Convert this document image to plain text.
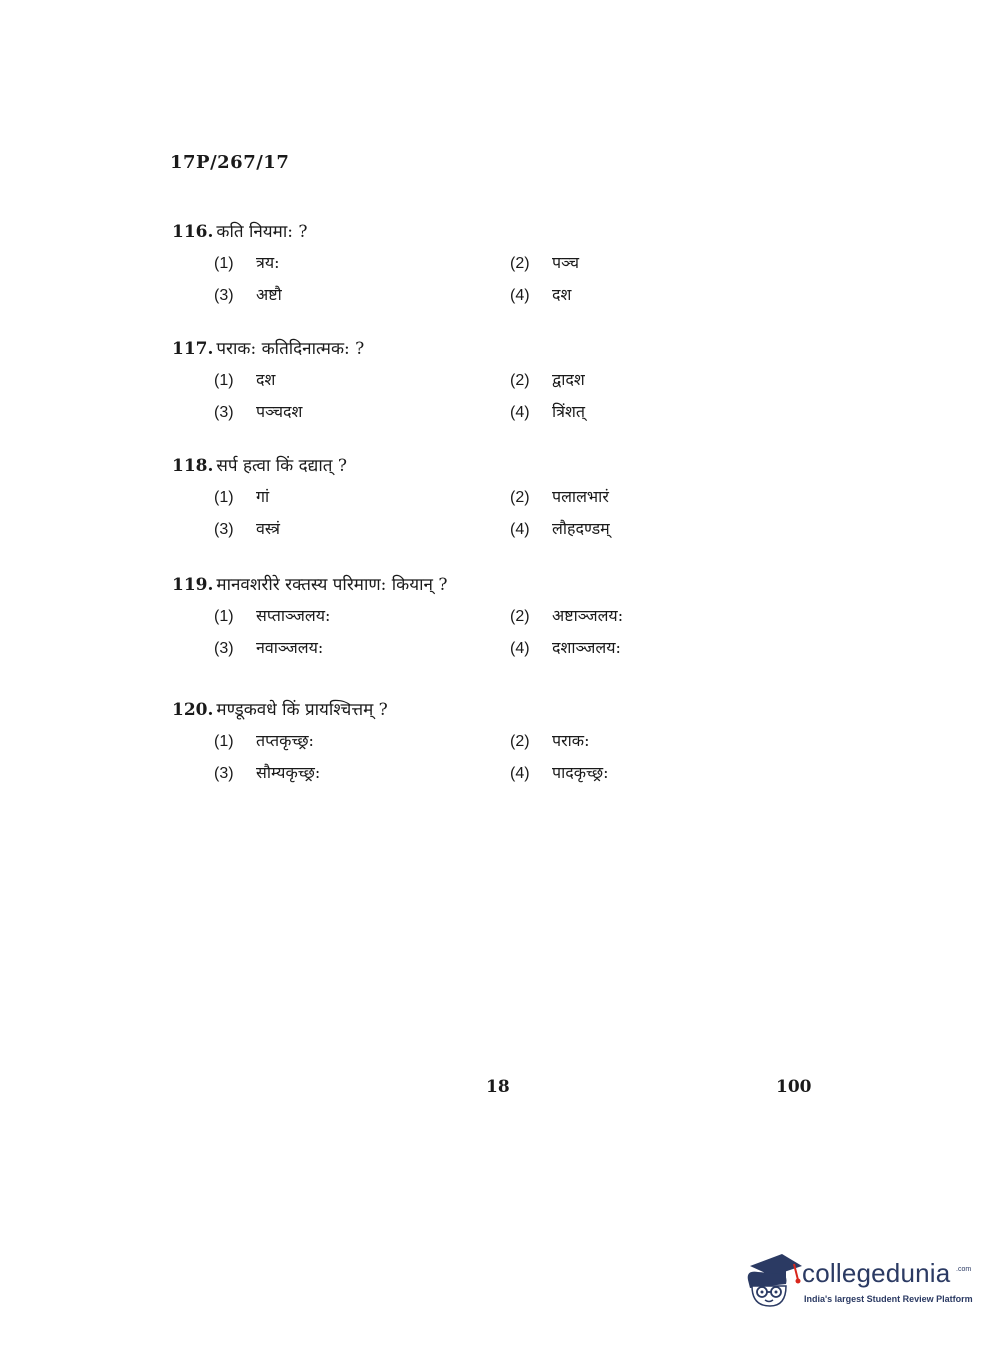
17P/267/17
116. कति नियमा: ?
(1) त्रय:	(2) पञ्च
(3) अष्टौ	(4) दश
117. पराक: कतिदिनात्मक: ?
(1) दश	(2) द्वादश
(3) पञ्चदश	(4) त्रिंशत्
118. सर्प हत्वा किं दद्यात् ?
(1) गां	(2) पलालभारं
(3) वस्त्रं	(4) लौहदण्डम्
119. मानवशरीरे रक्तस्य परिमाण: कियान् ?
(1) सप्ताञ्जलय:	(2) अष्टाञ्जलय:
(3) नवाञ्जलय:	(4) दशाञ्जलय:
120. मण्डूकवधे किं प्रायश्चित्तम् ?
(1) तप्तकृच्छ्र:	(2) पराक:
(3) सौम्यकृच्छ्र:	(4) पादकृच्छ्र:
18	100
collegedunia .com
India's largest Student Review Platform
